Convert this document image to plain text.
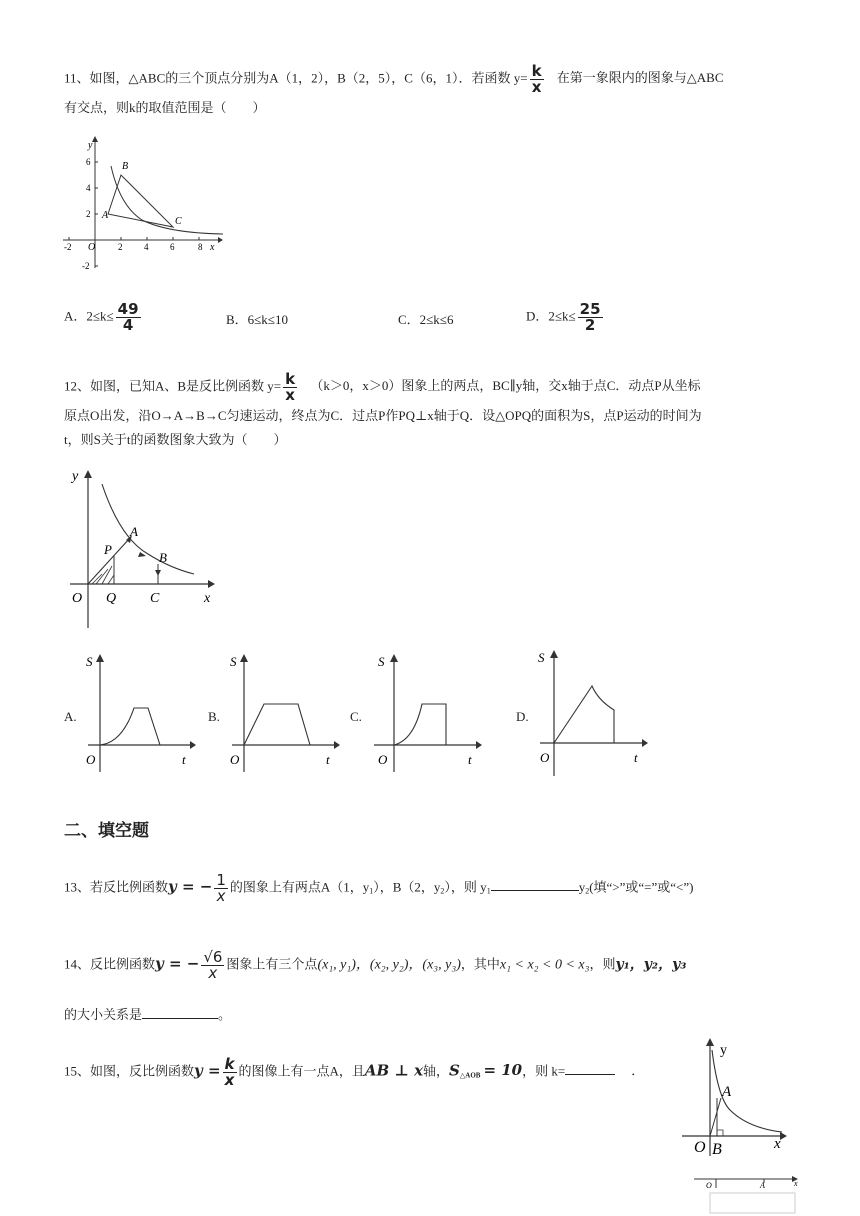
11、如图，△ABC的三个顶点分别为A（1，2），B（2，5），C（6，1）．若函数 $y= \frac{k}{x}$ 在第一象限内的图象与△ABC
有交点，则k的取值范围是（　　）
6
4
2
-2
-2	2 4 6	8
O	x
y
A
B
C
A．$2\le k\le \frac{49}{4}$	B．6≤k≤10	C．2≤k≤6	D．$2\le k\le \frac{25}{2}$
12、如图，已知A、B是反比例函数 $y= \frac{k}{x} (k>0$，x＞0）图象上的两点，BC∥y轴，交x轴于点C．动点P从坐标
原点O出发，沿O→A→B→C匀速运动，终点为C．过点P作PQ⊥x轴于Q．设△OPQ的面积为S，点P运动的时间为
t，则S关于t的函数图象大致为（　　）
y
x
O Q C
P
A
B
A.
S
t
O
B.
S
t
O
C.
S
t
O
D.
S
t
O
二、填空题
13、若反比例函数y = − $\frac{1}{x}$ 的图象上有两点A（1，$y_1$），B（2，$y_2$），则 $y_1$	$y_2$(填“>”或“=”或“<”)
14、反比例函数y = − $\frac{√6}{x}$ 图象上有三个点(x₁, y₁)，(x₂, y₂)，(x₃, y₃)，其中x₁ < x₂ < 0 < x₃，则y₁，y₂，y₃
的大小关系是	。
15、如图，反比例函数$y = \frac{k}{x}$ 的图像上有一点A，且AB ⊥ x轴，$S_{\triangle AOB} = 10$，则 k=	．
y
x
O
A
B
O	A	x
